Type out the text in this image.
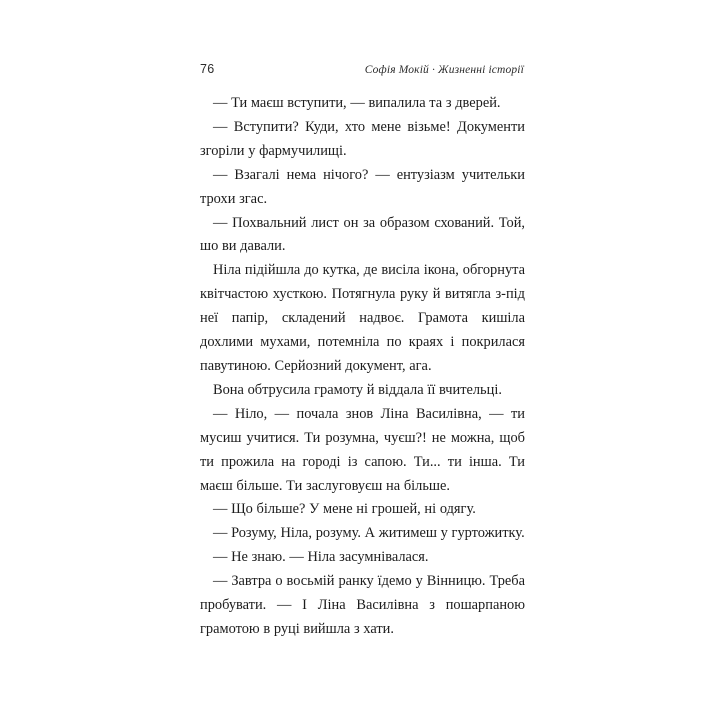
76	Софія Мокій · Жизненні історії

— Ти маєш вступити, — випалила та з дверей.

— Вступити? Куди, хто мене візьме! Документи згоріли у фармучилищі.

— Взагалі нема нічого? — ентузіазм учительки трохи згас.

— Похвальний лист он за образом схований. Той, шо ви давали.

Ніла підійшла до кутка, де висіла ікона, обгорнута квітчастою хусткою. Потягнула руку й витягла з-під неї папір, складений надвоє. Грамота кишіла дохлими мухами, потемніла по краях і покрилася павутиною. Серйозний документ, ага.

Вона обтрусила грамоту й віддала її вчительці.

— Ніло, — почала знов Ліна Василівна, — ти мусиш учитися. Ти розумна, чуєш?! не можна, щоб ти прожила на городі із сапою. Ти... ти інша. Ти маєш більше. Ти заслуговуєш на більше.

— Що більше? У мене ні грошей, ні одягу.

— Розуму, Ніла, розуму. А житимеш у гуртожитку.

— Не знаю. — Ніла засумнівалася.

— Завтра о восьмій ранку їдемо у Вінницю. Треба пробувати. — І Ліна Василівна з пошарпаною грамотою в руці вийшла з хати.
